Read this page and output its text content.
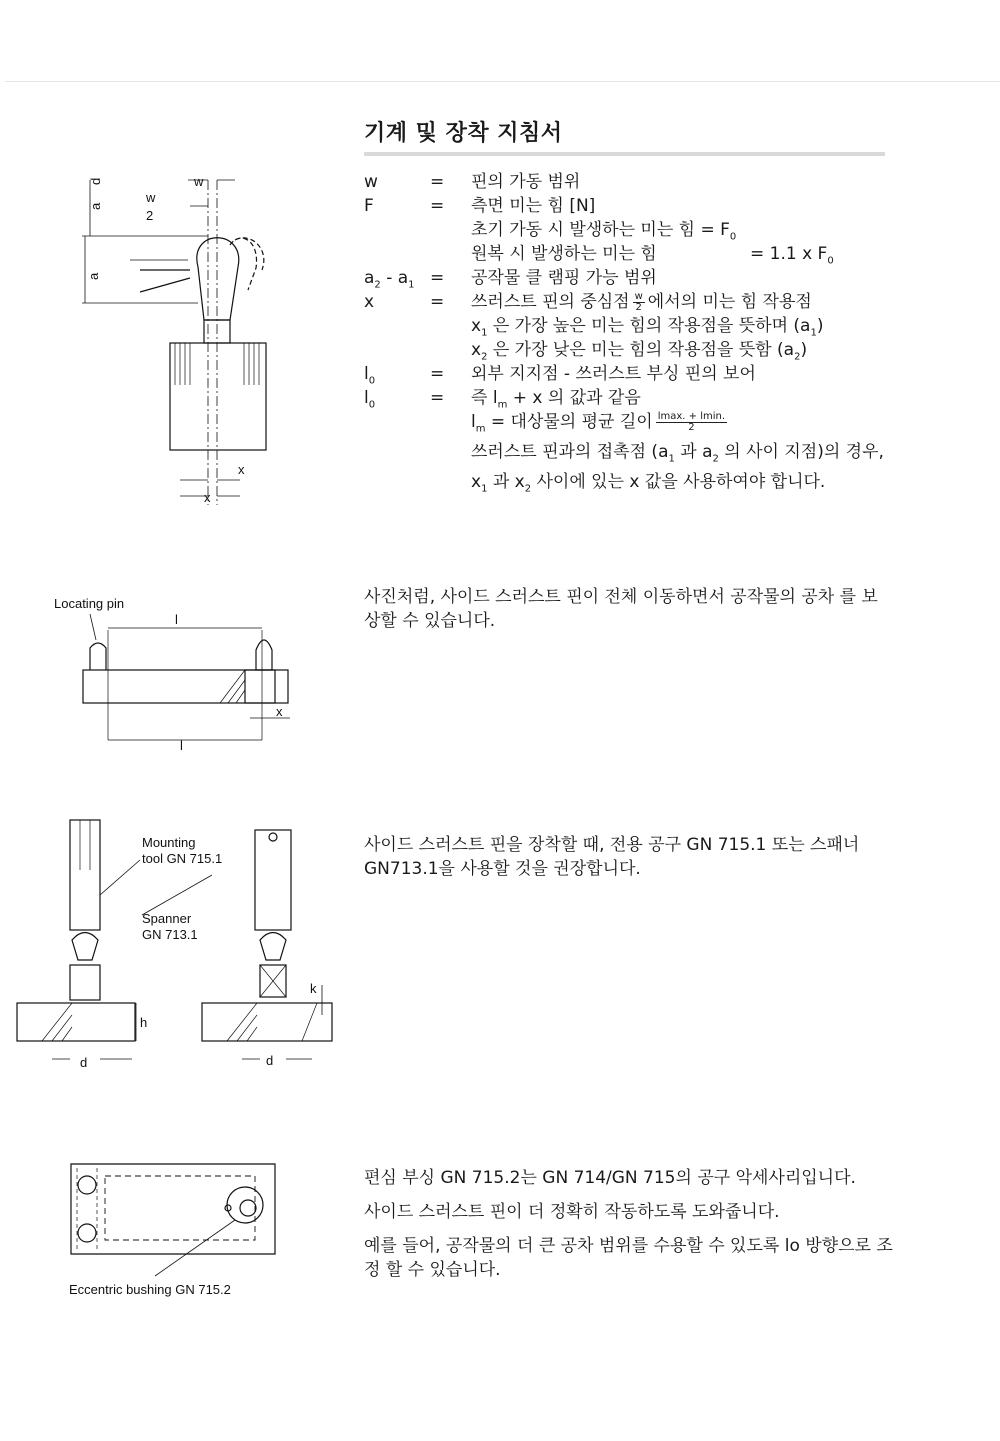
기계 및 장착 지침서
w	= 핀의 가동 범위
F	= 측면 미는 힘 [N]
초기 가동 시 발생하는 미는 힘 = $F_0$
원복 시 발생하는 미는 힘	= 1.1 x $F_0$
$a_2 - a_1$ = 공작물 클 램핑 가능 범위
x	= 쓰러스트 핀의 중심점 $\frac{w}{2}$ 에서의 미는 힘 작용점
$x_1$ 은 가장 높은 미는 힘의 작용점을 뜻하며 $(a_1)$
$x_2$ 은 가장 낮은 미는 힘의 작용점을 뜻함 $(a_2)$
$l_0$	= 외부 지지점 - 쓰러스트 부싱 핀의 보어
$l_0$	= 즉 $l_m + x$ 의 값과 같음
$l_m$ = 대상물의 평균 길이 $\frac{lmax. + lmin.}{2}$
쓰러스트 핀과의 접촉점 ($a_1$ 과 $a_2$ 의 사이 지점)의 경우,
$x_1$ 과 $x_2$ 사이에 있는 x 값을 사용하여야 합니다.

사진처럼, 사이드 스러스트 핀이 전체 이동하면서 공작물의 공차 를 보상할 수 있습니다.

사이드 스러스트 핀을 장착할 때, 전용 공구 GN 715.1 또는 스패너 GN713.1을 사용할 것을 권장합니다.

편심 부싱 GN 715.2는 GN 714/GN 715의 공구 악세사리입니다.

사이드 스러스트 핀이 더 정확히 작동하도록 도와줍니다.

예를 들어, 공작물의 더 큰 공차 범위를 수용할 수 있도록 lo 방향으로 조정 할 수 있습니다.

w
w
2
a
d
a
x
x
Locating pin
l
l
x
Mounting
tool GN 715.1
Spanner
GN 713.1
h
k
d	d
Eccentric bushing GN 715.2
